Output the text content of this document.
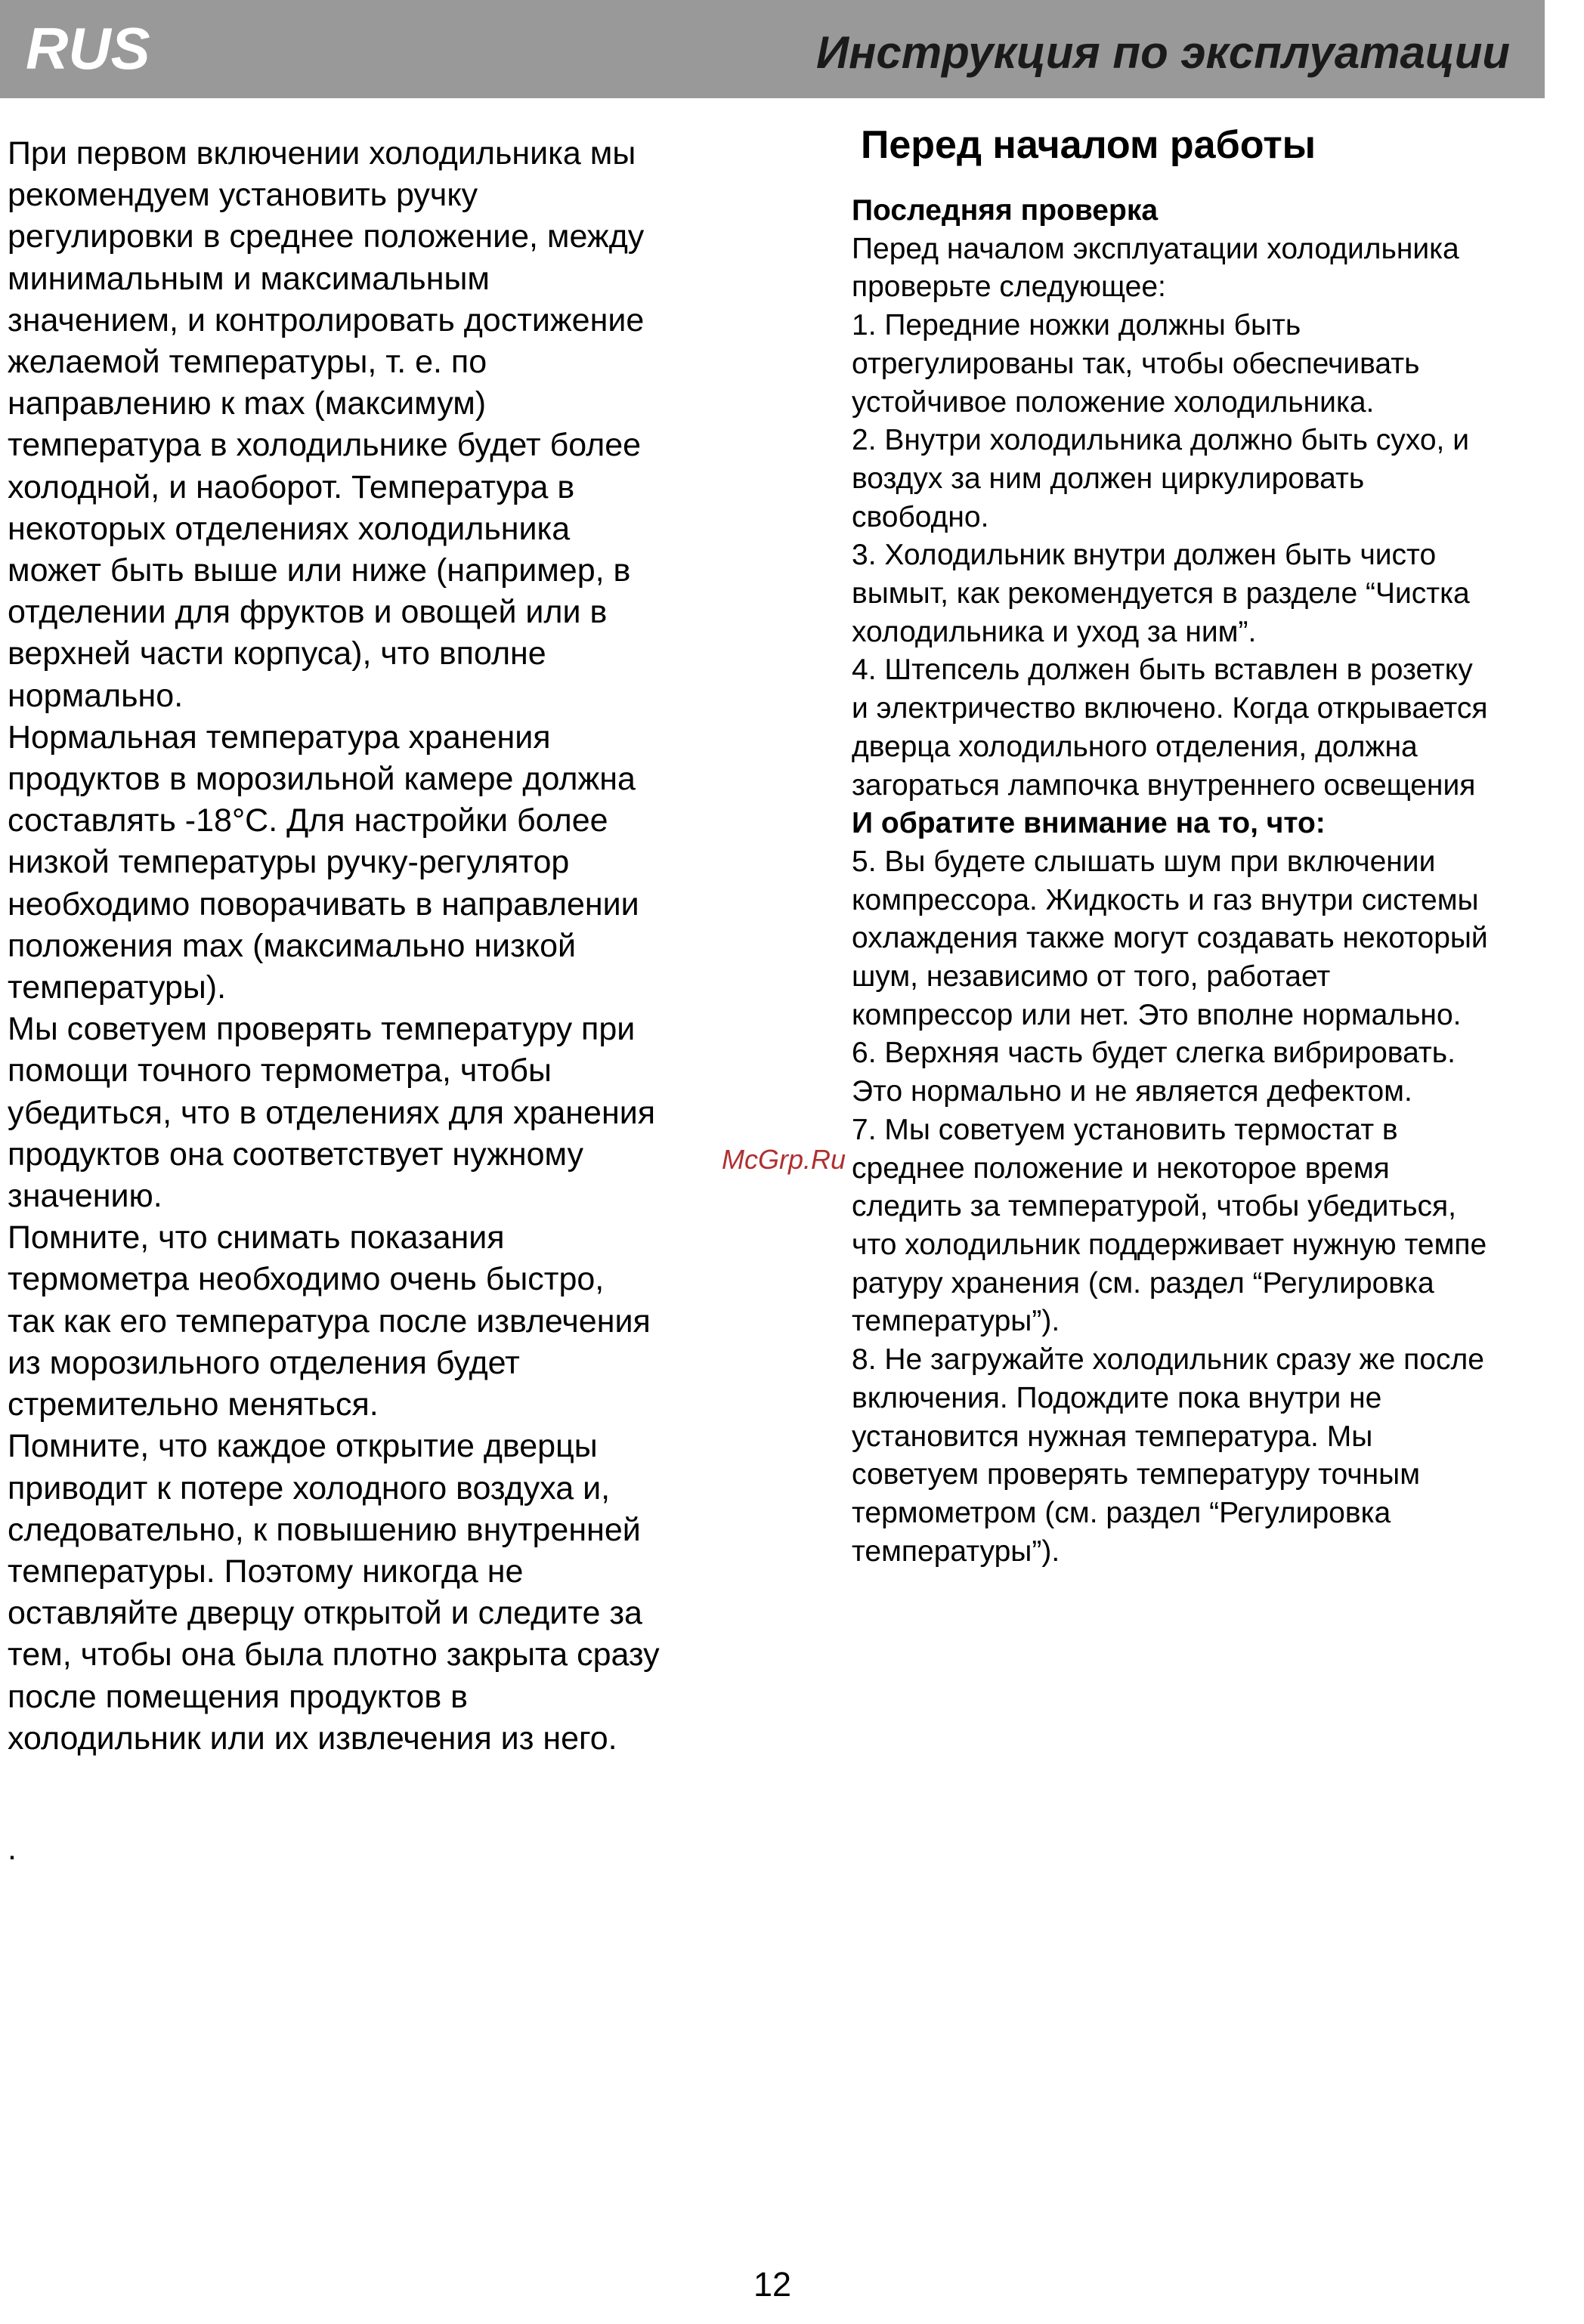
RUS	Инструкция по эксплуатации

При первом включении холодильника мы
рекомендуем установить ручку
регулировки в среднее положение, между
минимальным и максимальным
значением, и контролировать достижение
желаемой температуры, т. е. по
направлению к max (максимум)
температура в холодильнике будет более
холодной, и наоборот. Температура в
некоторых отделениях холодильника
может быть выше или ниже (например, в
отделении для фруктов и овощей или в
верхней части корпуса), что вполне
нормально.

Нормальная температура хранения
продуктов в морозильной камере должна
составлять -18°С. Для настройки более
низкой температуры ручку-регулятор
необходимо поворачивать в направлении
положения max (максимально низкой
температуры).

Мы советуем проверять температуру при
помощи точного термометра, чтобы
убедиться, что в отделениях для хранения
продуктов она соответствует нужному
значению.

Помните, что снимать показания
термометра необходимо очень быстро,
так как его температура после извлечения
из морозильного отделения будет
стремительно меняться.

Помните, что каждое открытие дверцы
приводит к потере холодного воздуха и,
следовательно, к повышению внутренней
температуры. Поэтому никогда не
оставляйте дверцу открытой и следите за
тем, чтобы она была плотно закрыта сразу
после помещения продуктов в
холодильник или их извлечения из него.

.
Перед началом работы
Последняя проверка

Перед началом эксплуатации холодильника
проверьте следующее:

1. Передние ножки должны быть
отрегулированы так, чтобы обеспечивать
устойчивое положение холодильника.

2. Внутри холодильника должно быть сухо, и
воздух за ним должен циркулировать
свободно.

3. Холодильник внутри должен быть чисто
вымыт, как рекомендуется в разделе “Чистка
холодильника и уход за ним”.

4. Штепсель должен быть вставлен в розетку
и электричество включено. Когда открывается
дверца холодильного отделения, должна
загораться лампочка внутреннего освещения

И обратите внимание на то, что:

5. Вы будете слышать шум при включении
компрессора. Жидкость и газ внутри системы
охлаждения также могут создавать некоторый
шум, независимо от того, работает
компрессор или нет. Это вполне нормально.

6. Верхняя часть будет слегка вибрировать.
Это нормально и не является дефектом.

7. Мы советуем установить термостат в
среднее положение и некоторое время
следить за температурой, чтобы убедиться,
что холодильник поддерживает нужную темпе
ратуру хранения (см. раздел “Регулировка
температуры”).

8. Не загружайте холодильник сразу же после
включения. Подождите пока внутри не
установится нужная температура. Мы
советуем проверять температуру точным
термометром (см. раздел “Регулировка
температуры”).

McGrp.Ru
12
